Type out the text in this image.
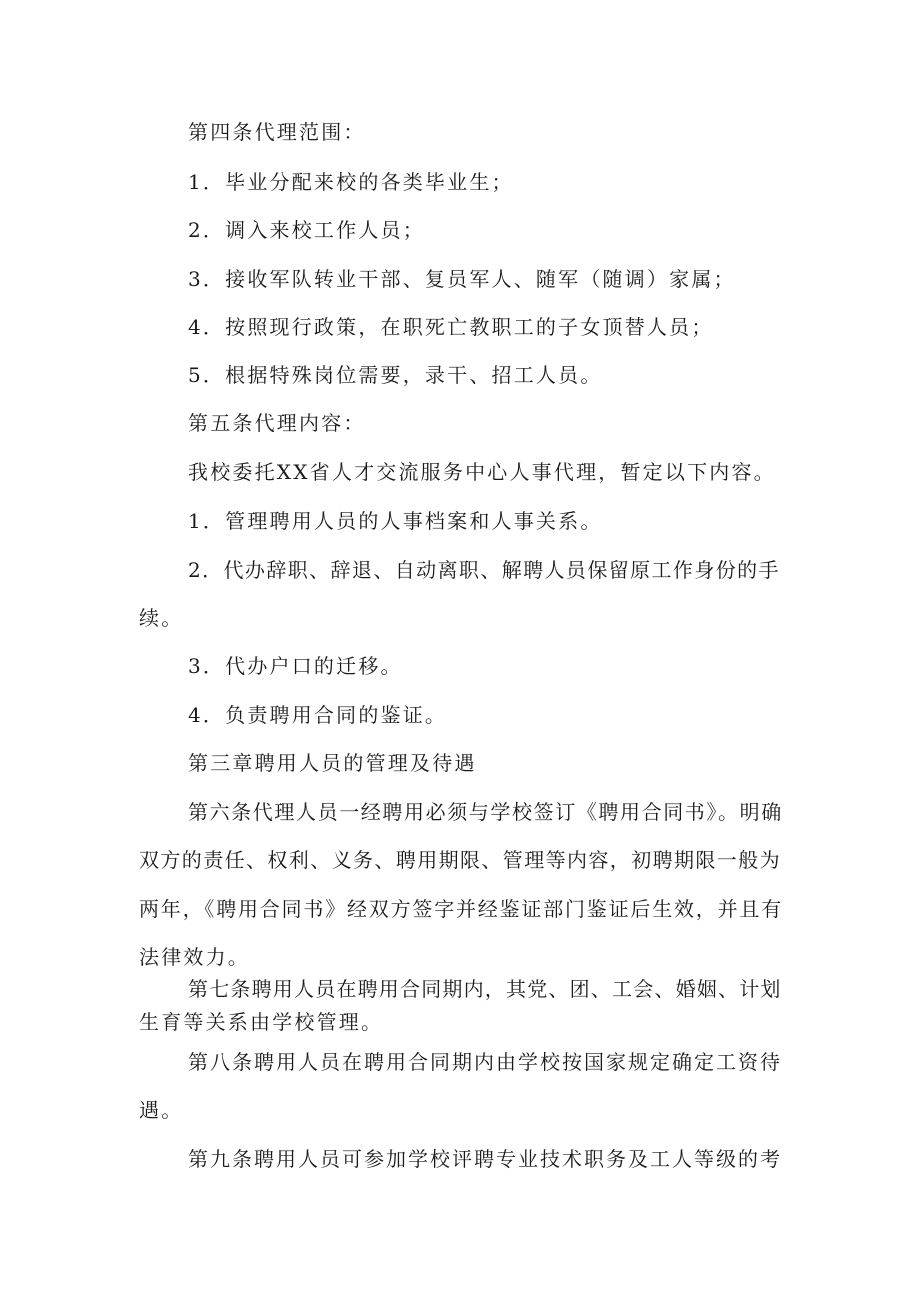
第四条代理范围：
1．毕业分配来校的各类毕业生；
2．调入来校工作人员；
3．接收军队转业干部、复员军人、随军（随调）家属；
4．按照现行政策，在职死亡教职工的子女顶替人员；
5．根据特殊岗位需要，录干、招工人员。
第五条代理内容：
我校委托XX省人才交流服务中心人事代理，暂定以下内容。
1．管理聘用人员的人事档案和人事关系。
2．代办辞职、辞退、自动离职、解聘人员保留原工作身份的手
续。
3．代办户口的迁移。
4．负责聘用合同的鉴证。
第三章聘用人员的管理及待遇
第六条代理人员一经聘用必须与学校签订《聘用合同书》。明确
双方的责任、权利、义务、聘用期限、管理等内容，初聘期限一般为
两年，《聘用合同书》经双方签字并经鉴证部门鉴证后生效，并且有
法律效力。
第七条聘用人员在聘用合同期内，其党、团、工会、婚姻、计划
生育等关系由学校管理。
第八条聘用人员在聘用合同期内由学校按国家规定确定工资待
遇。
第九条聘用人员可参加学校评聘专业技术职务及工人等级的考
